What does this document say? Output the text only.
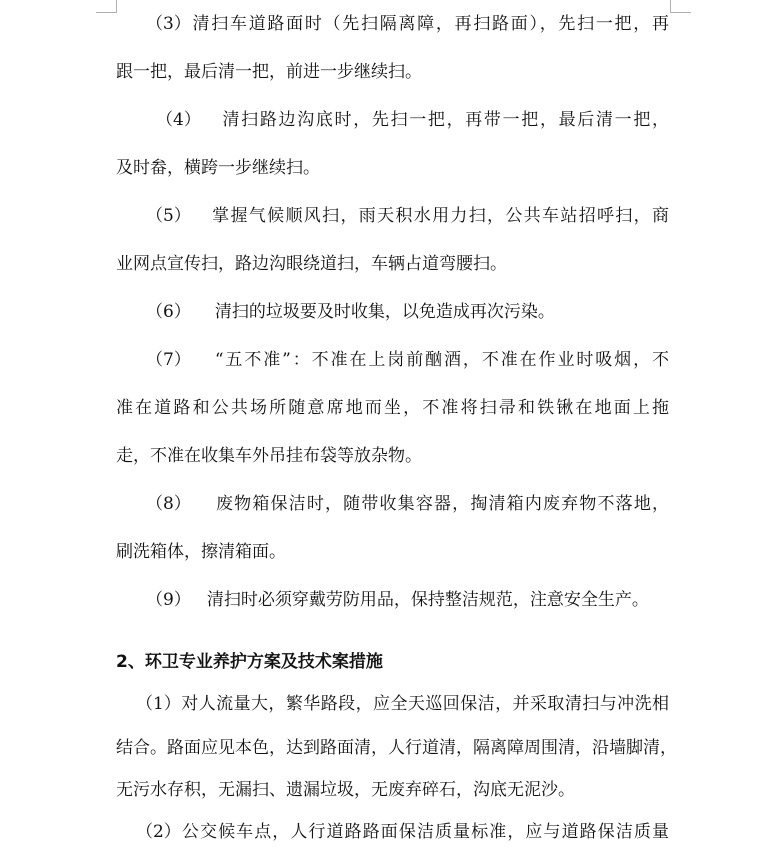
（3）清扫车道路面时（先扫隔离障，再扫路面），先扫一把，再
跟一把，最后清一把，前进一步继续扫。
（4） 清扫路边沟底时，先扫一把，再带一把，最后清一把，
及时畚，横跨一步继续扫。
（5） 掌握气候顺风扫，雨天积水用力扫，公共车站招呼扫，商
业网点宣传扫，路边沟眼绕道扫，车辆占道弯腰扫。
（6） 清扫的垃圾要及时收集，以免造成再次污染。
（7） “五不准”：不准在上岗前酗酒，不准在作业时吸烟，不
准在道路和公共场所随意席地而坐，不准将扫帚和铁锹在地面上拖
走，不准在收集车外吊挂布袋等放杂物。
（8） 废物箱保洁时，随带收集容器，掏清箱内废弃物不落地，
刷洗箱体，擦清箱面。
（9） 清扫时必须穿戴劳防用品，保持整洁规范，注意安全生产。
2、环卫专业养护方案及技术案措施
（1）对人流量大，繁华路段，应全天巡回保洁，并采取清扫与冲洗相
结合。路面应见本色，达到路面清，人行道清，隔离障周围清，沿墙脚清，
无污水存积，无漏扫、遗漏垃圾，无废弃碎石，沟底无泥沙。
（2）公交候车点，人行道路路面保洁质量标准，应与道路保洁质量
